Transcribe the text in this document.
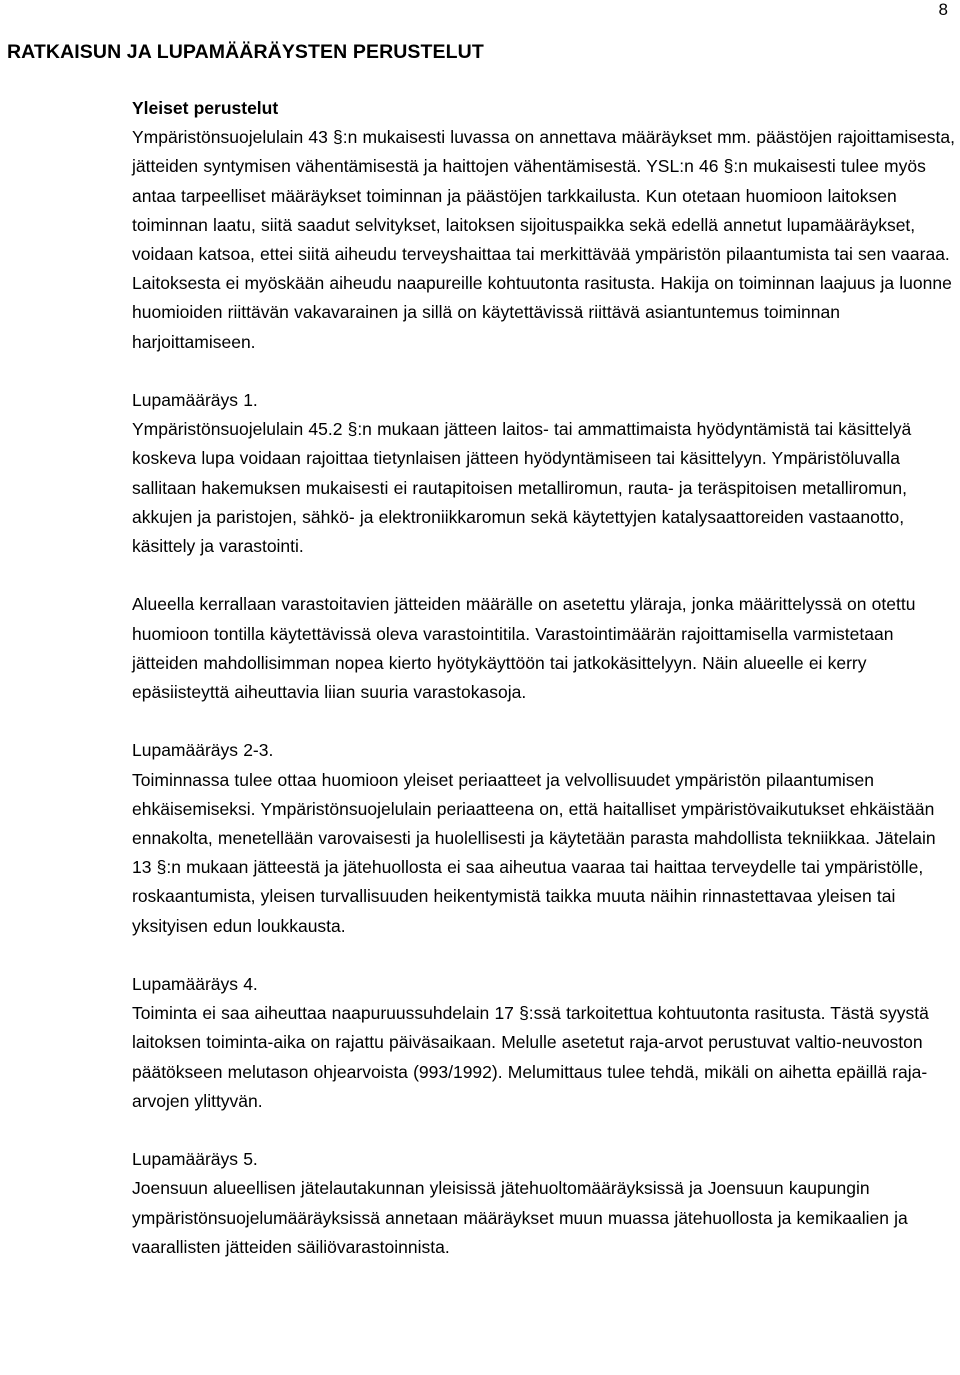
8
RATKAISUN JA LUPAMÄÄRÄYSTEN PERUSTELUT

Yleiset perustelut

Ympäristönsuojelulain 43 §:n mukaisesti luvassa on annettava määräykset mm. päästöjen rajoittamisesta, jätteiden syntymisen vähentämisestä ja haittojen vähentämisestä. YSL:n 46 §:n mukaisesti tulee myös antaa tarpeelliset määräykset toiminnan ja päästöjen tarkkailusta. Kun otetaan huomioon laitoksen toiminnan laatu, siitä saadut selvitykset, laitoksen sijoituspaikka sekä edellä annetut lupamääräykset, voidaan katsoa, ettei siitä aiheudu terveyshaittaa tai merkittävää ympäristön pilaantumista tai sen vaaraa. Laitoksesta ei myöskään aiheudu naapureille kohtuutonta rasitusta. Hakija on toiminnan laajuus ja luonne huomioiden riittävän vakavarainen ja sillä on käytettävissä riittävä asiantuntemus toiminnan harjoittamiseen.

Lupamääräys 1.

Ympäristönsuojelulain 45.2 §:n mukaan jätteen laitos- tai ammattimaista hyödyntämistä tai käsittelyä koskeva lupa voidaan rajoittaa tietynlaisen jätteen hyödyntämiseen tai käsittelyyn. Ympäristöluvalla sallitaan hakemuksen mukaisesti ei rautapitoisen metalliromun, rauta- ja teräspitoisen metalliromun, akkujen ja paristojen, sähkö- ja elektroniikkaromun sekä käytettyjen katalysaattoreiden vastaanotto, käsittely ja varastointi.

Alueella kerrallaan varastoitavien jätteiden määrälle on asetettu yläraja, jonka määrittelyssä on otettu huomioon tontilla käytettävissä oleva varastointitila. Varastointimäärän rajoittamisella varmistetaan jätteiden mahdollisimman nopea kierto hyötykäyttöön tai jatkokäsittelyyn. Näin alueelle ei kerry epäsiisteyttä aiheuttavia liian suuria varastokasoja.

Lupamääräys 2-3.

Toiminnassa tulee ottaa huomioon yleiset periaatteet ja velvollisuudet ympäristön pilaantumisen ehkäisemiseksi. Ympäristönsuojelulain periaatteena on, että haitalliset ympäristövaikutukset ehkäistään ennakolta, menetellään varovaisesti ja huolellisesti ja käytetään parasta mahdollista tekniikkaa. Jätelain 13 §:n mukaan jätteestä ja jätehuollosta ei saa aiheutua vaaraa tai haittaa terveydelle tai ympäristölle, roskaantumista, yleisen turvallisuuden heikentymistä taikka muuta näihin rinnastettavaa yleisen tai yksityisen edun loukkausta.

Lupamääräys 4.

Toiminta ei saa aiheuttaa naapuruussuhdelain 17 §:ssä tarkoitettua kohtuutonta rasitusta. Tästä syystä laitoksen toiminta-aika on rajattu päiväsaikaan. Melulle asetetut raja-arvot perustuvat valtio-neuvoston päätökseen melutason ohjearvoista (993/1992). Melumittaus tulee tehdä, mikäli on aihetta epäillä raja-arvojen ylittyvän.

Lupamääräys 5.

Joensuun alueellisen jätelautakunnan yleisissä jätehuoltomääräyksissä ja Joensuun kaupungin ympäristönsuojelumääräyksissä annetaan määräykset muun muassa jätehuollosta ja kemikaalien ja vaarallisten jätteiden säiliövarastoinnista.
